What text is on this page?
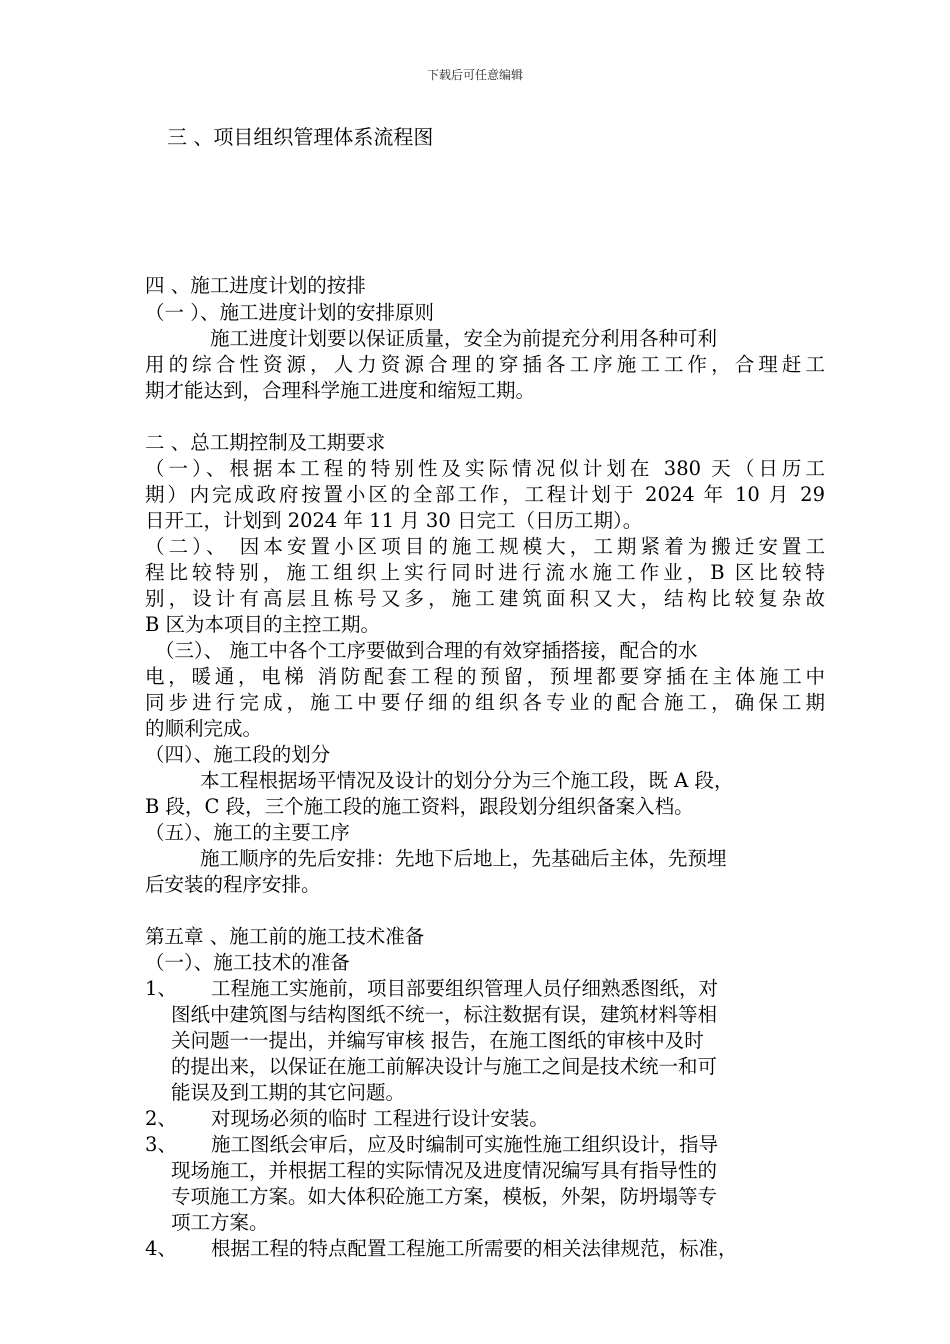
下载后可任意编辑
三 、项目组织管理体系流程图
四 、施工进度计划的按排
（一 ）、施工进度计划的安排原则
施工进度计划要以保证质量，安全为前提充分利用各种可利
用的综合性资源，人力资源合理的穿插各工序施工工作，合理赶工
期才能达到，合理科学施工进度和缩短工期。
二 、总工期控制及工期要求
（一）、根据本工程的特别性及实际情况似计划在 380 天（日历工
期）内完成政府按置小区的全部工作，工程计划于 2024 年 10 月 29
日开工，计划到 2024 年 11 月 30 日完工（日历工期）。
（二）、 因本安置小区项目的施工规模大，工期紧着为搬迁安置工
程比较特别，施工组织上实行同时进行流水施工作业，B 区比较特
别，设计有高层且栋号又多，施工建筑面积又大，结构比较复杂故
B 区为本项目的主控工期。
（三）、 施工中各个工序要做到合理的有效穿插搭接，配合的水
电，暖通，电梯 消防配套工程的预留，预埋都要穿插在主体施工中
同步进行完成，施工中要仔细的组织各专业的配合施工，确保工期
的顺利完成。
（四）、施工段的划分
本工程根据场平情况及设计的划分分为三个施工段，既 A 段，
B 段，C 段，三个施工段的施工资料，跟段划分组织备案入档。
（五）、施工的主要工序
施工顺序的先后安排：先地下后地上，先基础后主体，先预埋
后安装的程序安排。
第五章 、施工前的施工技术准备
（一）、施工技术的准备
1、 工程施工实施前，项目部要组织管理人员仔细熟悉图纸，对
图纸中建筑图与结构图纸不统一，标注数据有误，建筑材料等相
关问题一一提出，并编写审核 报告，在施工图纸的审核中及时
的提出来，以保证在施工前解决设计与施工之间是技术统一和可
能误及到工期的其它问题。
2、 对现场必须的临时 工程进行设计安装。
3、 施工图纸会审后，应及时编制可实施性施工组织设计，指导
现场施工，并根据工程的实际情况及进度情况编写具有指导性的
专项施工方案。如大体积砼施工方案，模板，外架，防坍塌等专
项工方案。
4、 根据工程的特点配置工程施工所需要的相关法律规范，标准，
